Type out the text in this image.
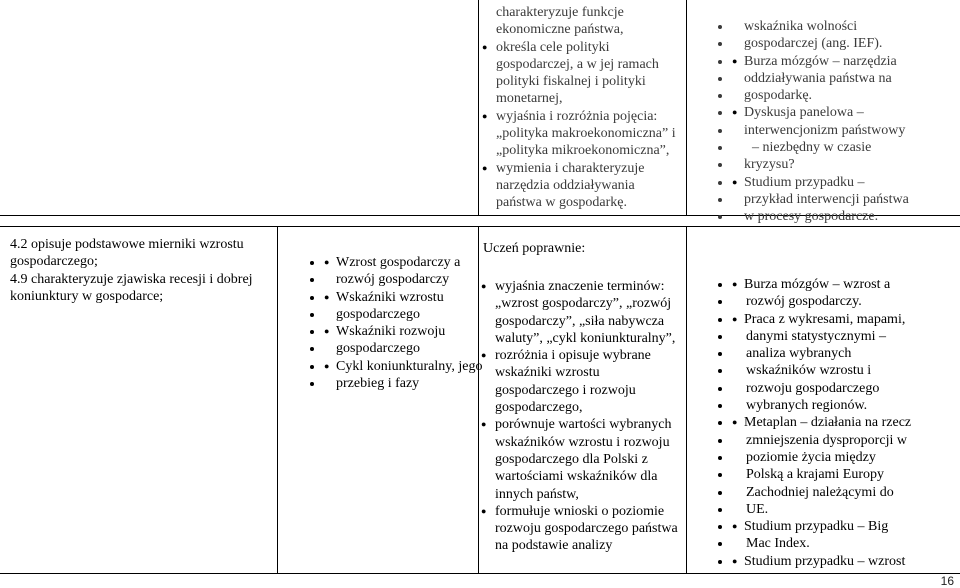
charakteryzuje funkcje
ekonomiczne państwa,
● określa cele polityki
gospodarczej, a w jej ramach
polityki fiskalnej i polityki
monetarnej,
● wyjaśnia i rozróżnia pojęcia:
„polityka makroekonomiczna” i
„polityka mikroekonomiczna”,
● wymienia i charakteryzuje
narzędzia oddziaływania
państwa w gospodarkę.
• wskaźnika wolności
• gospodarczej (ang. IEF).
● • Burza mózgów – narzędzia
• oddziaływania państwa na
• gospodarkę.
● • Dyskusja panelowa –
• interwencjonizm państwowy
• – niezbędny w czasie
• kryzysu?
● • Studium przypadku –
• przykład interwencji państwa
• w procesy gospodarcze.
4.2 opisuje podstawowe mierniki wzrostu
gospodarczego;
4.9 charakteryzuje zjawiska recesji i dobrej
koniunktury w gospodarce;
● • Wzrost gospodarczy a
• rozwój gospodarczy
● • Wskaźniki wzrostu
• gospodarczego
● • Wskaźniki rozwoju
• gospodarczego
● • Cykl koniunkturalny, jego
• przebieg i fazy
Uczeń poprawnie:
● wyjaśnia znaczenie terminów:
„wzrost gospodarczy”, „rozwój
gospodarczy”, „siła nabywcza
waluty”, „cykl koniunkturalny”,
● rozróżnia i opisuje wybrane
wskaźniki wzrostu
gospodarczego i rozwoju
gospodarczego,
● porównuje wartości wybranych
wskaźników wzrostu i rozwoju
gospodarczego dla Polski z
wartościami wskaźników dla
innych państw,
● formułuje wnioski o poziomie
rozwoju gospodarczego państwa
na podstawie analizy
● • Burza mózgów – wzrost a
• rozwój gospodarczy.
● • Praca z wykresami, mapami,
• danymi statystycznymi –
• analiza wybranych
• wskaźników wzrostu i
• rozwoju gospodarczego
• wybranych regionów.
● • Metaplan – działania na rzecz
• zmniejszenia dysproporcji w
• poziomie życia między
• Polską a krajami Europy
• Zachodniej należącymi do
• UE.
● • Studium przypadku – Big
• Mac Index.
● • Studium przypadku – wzrost
16
